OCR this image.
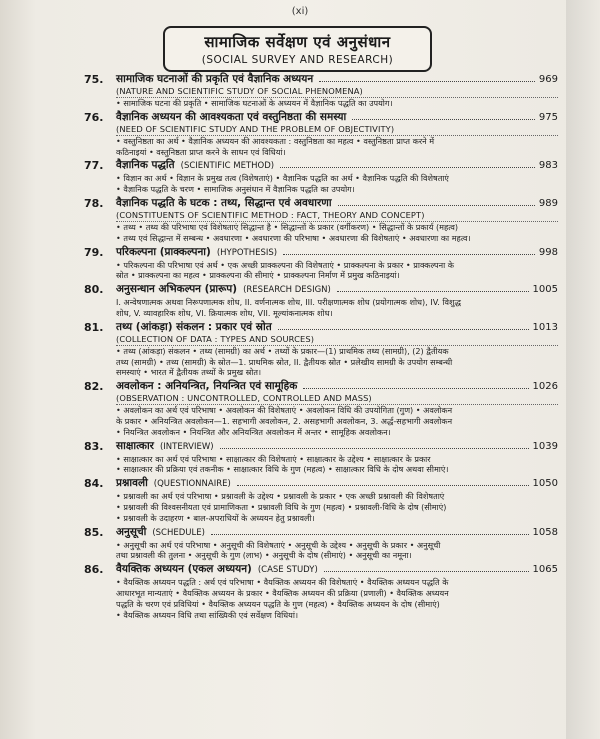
(xi)
सामाजिक सर्वेक्षण एवं अनुसंधान
(SOCIAL SURVEY AND RESEARCH)
75. सामाजिक घटनाओं की प्रकृति एवं वैज्ञानिक अध्ययन	969
(NATURE AND SCIENTIFIC STUDY OF SOCIAL PHENOMENA)
• सामाजिक घटना की प्रकृति • सामाजिक घटनाओं के अध्ययन में वैज्ञानिक पद्धति का उपयोग।
76. वैज्ञानिक अध्ययन की आवश्यकता एवं वस्तुनिष्ठता की समस्या	975
(NEED OF SCIENTIFIC STUDY AND THE PROBLEM OF OBJECTIVITY)
• वस्तुनिष्ठता का अर्थ • वैज्ञानिक अध्ययन की आवश्यकता : वस्तुनिष्ठता का महत्व • वस्तुनिष्ठता प्राप्त करने में
कठिनाइयां • वस्तुनिष्ठता प्राप्त करने के साधन एवं विधियां।
77. वैज्ञानिक पद्धति (SCIENTIFIC METHOD)	983
• विज्ञान का अर्थ • विज्ञान के प्रमुख तत्व (विशेषताएं) • वैज्ञानिक पद्धति का अर्थ • वैज्ञानिक पद्धति की विशेषताएं
• वैज्ञानिक पद्धति के चरण • सामाजिक अनुसंधान में वैज्ञानिक पद्धति का उपयोग।
78. वैज्ञानिक पद्धति के घटक : तथ्य, सिद्धान्त एवं अवधारणा	989
(CONSTITUENTS OF SCIENTIFIC METHOD : FACT, THEORY AND CONCEPT)
• तथ्य • तथ्य की परिभाषा एवं विशेषताएं सिद्धान्त है • सिद्धान्तों के प्रकार (वर्गीकरण) • सिद्धान्तों के प्रकार्य (महत्व)
• तथ्य एवं सिद्धान्त में सम्बन्ध • अवधारणा • अवधारणा की परिभाषा • अवधारणा की विशेषताएं • अवधारणा का महत्व।
79. परिकल्पना (प्राक्कल्पना) (HYPOTHESIS)	998
• परिकल्पना की परिभाषा एवं अर्थ • एक अच्छी प्राक्कल्पना की विशेषताएं • प्राक्कल्पना के प्रकार • प्राक्कल्पना के
स्रोत • प्राक्कल्पना का महत्व • प्राक्कल्पना की सीमाएं • प्राक्कल्पना निर्माण में प्रमुख कठिनाइयां।
80. अनुसन्धान अभिकल्पन (प्रारूप) (RESEARCH DESIGN)	1005
I. अन्वेषणात्मक अथवा निरूपणात्मक शोध, II. वर्णनात्मक शोध, III. परीक्षणात्मक शोध (प्रयोगात्मक शोध), IV. विशुद्ध
शोध, V. व्यावहारिक शोध, VI. क्रियात्मक शोध, VII. मूल्यांकनात्मक शोध।
81. तथ्य (आंकड़ा) संकलन : प्रकार एवं स्रोत	1013
(COLLECTION OF DATA : TYPES AND SOURCES)
• तथ्य (आंकड़ा) संकलन • तथ्य (सामग्री) का अर्थ • तथ्यों के प्रकार—(1) प्राथमिक तथ्य (सामग्री), (2) द्वैतीयक
तथ्य (सामग्री) • तथ्य (सामग्री) के स्रोत—1. प्राथमिक स्रोत, II. द्वैतीयक स्रोत • प्रलेखीय सामग्री के उपयोग सम्बन्धी
समस्याएं • भारत में द्वैतीयक तथ्यों के प्रमुख स्रोत।
82. अवलोकन : अनियन्त्रित, नियन्त्रित एवं सामूहिक	1026
(OBSERVATION : UNCONTROLLED, CONTROLLED AND MASS)
• अवलोकन का अर्थ एवं परिभाषा • अवलोकन की विशेषताएं • अवलोकन विधि की उपयोगिता (गुण) • अवलोकन
के प्रकार • अनियन्त्रित अवलोकन—1. सहभागी अवलोकन, 2. असहभागी अवलोकन, 3. अर्द्ध-सहभागी अवलोकन
• नियन्त्रित अवलोकन • नियन्त्रित और अनियन्त्रित अवलोकन में अन्तर • सामूहिक अवलोकन।
83. साक्षात्कार (INTERVIEW)	1039
• साक्षात्कार का अर्थ एवं परिभाषा • साक्षात्कार की विशेषताएं • साक्षात्कार के उद्देश्य • साक्षात्कार के प्रकार
• साक्षात्कार की प्रक्रिया एवं तकनीक • साक्षात्कार विधि के गुण (महत्व) • साक्षात्कार विधि के दोष अथवा सीमाएं।
84. प्रश्नावली (QUESTIONNAIRE)	1050
• प्रश्नावली का अर्थ एवं परिभाषा • प्रश्नावली के उद्देश्य • प्रश्नावली के प्रकार • एक अच्छी प्रश्नावली की विशेषताएं
• प्रश्नावली की विश्वसनीयता एवं प्रामाणिकता • प्रश्नावली विधि के गुण (महत्व) • प्रश्नावली-विधि के दोष (सीमाएं)
• प्रश्नावली के उदाहरण • बाल-अपराधियों के अध्ययन हेतु प्रश्नावली।
85. अनुसूची (SCHEDULE)	1058
• अनुसूची का अर्थ एवं परिभाषा • अनुसूची की विशेषताएं • अनुसूची के उद्देश्य • अनुसूची के प्रकार • अनुसूची
तथा प्रश्नावली की तुलना • अनुसूची के गुण (लाभ) • अनुसूची के दोष (सीमाएं) • अनुसूची का नमूना।
86. वैयक्तिक अध्ययन (एकल अध्ययन) (CASE STUDY)	1065
• वैयक्तिक अध्ययन पद्धति : अर्थ एवं परिभाषा • वैयक्तिक अध्ययन की विशेषताएं • वैयक्तिक अध्ययन पद्धति के
आधारभूत मान्यताएं • वैयक्तिक अध्ययन के प्रकार • वैयक्तिक अध्ययन की प्रक्रिया (प्रणाली) • वैयक्तिक अध्ययन
पद्धति के चरण एवं प्रविधियां • वैयक्तिक अध्ययन पद्धति के गुण (महत्व) • वैयक्तिक अध्ययन के दोष (सीमाएं)
• वैयक्तिक अध्ययन विधि तथा सांख्यिकी एवं सर्वेक्षण विधियां।
